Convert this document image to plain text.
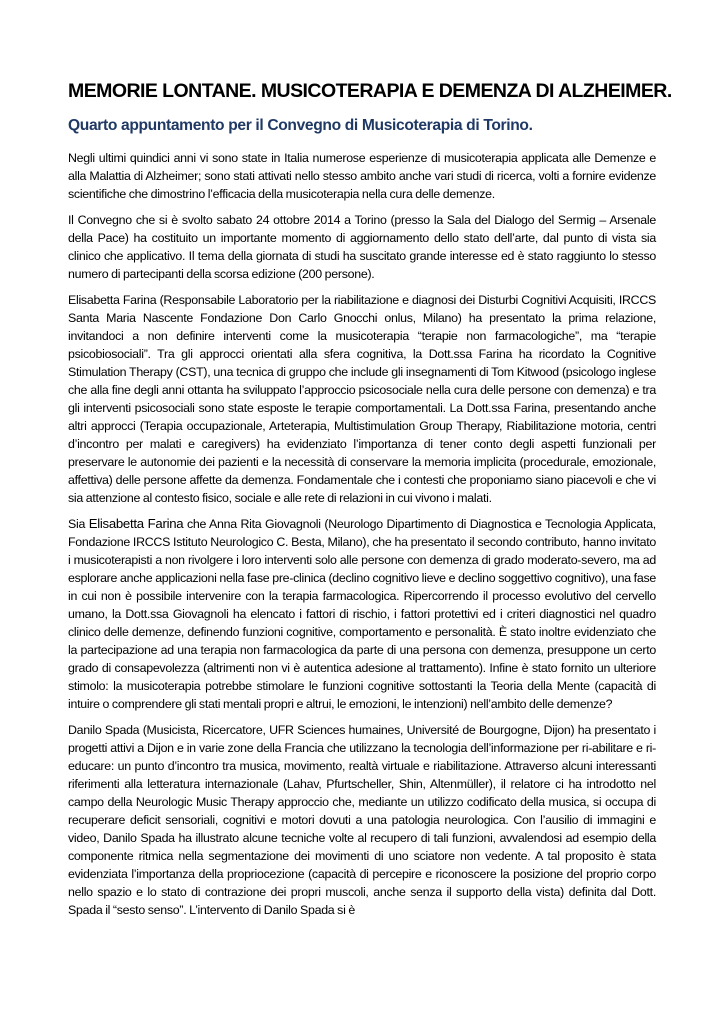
MEMORIE LONTANE. MUSICOTERAPIA E DEMENZA DI ALZHEIMER.
Quarto appuntamento per il Convegno di Musicoterapia di Torino.

Negli ultimi quindici anni vi sono state in Italia numerose esperienze di musicoterapia applicata alle Demenze e alla Malattia di Alzheimer; sono stati attivati nello stesso ambito anche vari studi di ricerca, volti a fornire evidenze scientifiche che dimostrino l’efficacia della musicoterapia nella cura delle demenze.

Il Convegno che si è svolto sabato 24 ottobre 2014 a Torino (presso la Sala del Dialogo del Sermig – Arsenale della Pace) ha costituito un importante momento di aggiornamento dello stato dell’arte, dal punto di vista sia clinico che applicativo. Il tema della giornata di studi ha suscitato grande interesse ed è stato raggiunto lo stesso numero di partecipanti della scorsa edizione (200 persone).

Elisabetta Farina (Responsabile Laboratorio per la riabilitazione e diagnosi dei Disturbi Cognitivi Acquisiti, IRCCS Santa Maria Nascente Fondazione Don Carlo Gnocchi onlus, Milano) ha presentato la prima relazione, invitandoci a non definire interventi come la musicoterapia “terapie non farmacologiche”, ma “terapie psicobiosociali”. Tra gli approcci orientati alla sfera cognitiva, la Dott.ssa Farina ha ricordato la Cognitive Stimulation Therapy (CST), una tecnica di gruppo che include gli insegnamenti di Tom Kitwood (psicologo inglese che alla fine degli anni ottanta ha sviluppato l’approccio psicosociale nella cura delle persone con demenza) e tra gli interventi psicosociali sono state esposte le terapie comportamentali. La Dott.ssa Farina, presentando anche altri approcci (Terapia occupazionale, Arteterapia, Multistimulation Group Therapy, Riabilitazione motoria, centri d’incontro per malati e caregivers) ha evidenziato l’importanza di tener conto degli aspetti funzionali per preservare le autonomie dei pazienti e la necessità di conservare la memoria implicita (procedurale, emozionale, affettiva) delle persone affette da demenza. Fondamentale che i contesti che proponiamo siano piacevoli e che vi sia attenzione al contesto fisico, sociale e alle rete di relazioni in cui vivono i malati.

Sia Elisabetta Farina che Anna Rita Giovagnoli (Neurologo Dipartimento di Diagnostica e Tecnologia Applicata, Fondazione IRCCS Istituto Neurologico C. Besta, Milano), che ha presentato il secondo contributo, hanno invitato i musicoterapisti a non rivolgere i loro interventi solo alle persone con demenza di grado moderato-severo, ma ad esplorare anche applicazioni nella fase pre-clinica (declino cognitivo lieve e declino soggettivo cognitivo), una fase in cui non è possibile intervenire con la terapia farmacologica. Ripercorrendo il processo evolutivo del cervello umano, la Dott.ssa Giovagnoli ha elencato i fattori di rischio, i fattori protettivi ed i criteri diagnostici nel quadro clinico delle demenze, definendo funzioni cognitive, comportamento e personalità. È stato inoltre evidenziato che la partecipazione ad una terapia non farmacologica da parte di una persona con demenza, presuppone un certo grado di consapevolezza (altrimenti non vi è autentica adesione al trattamento). Infine è stato fornito un ulteriore stimolo: la musicoterapia potrebbe stimolare le funzioni cognitive sottostanti la Teoria della Mente (capacità di intuire o comprendere gli stati mentali propri e altrui, le emozioni, le intenzioni) nell’ambito delle demenze?

Danilo Spada (Musicista, Ricercatore, UFR Sciences humaines, Université de Bourgogne, Dijon) ha presentato i progetti attivi a Dijon e in varie zone della Francia che utilizzano la tecnologia dell’informazione per ri-abilitare e ri-educare: un punto d’incontro tra musica, movimento, realtà virtuale e riabilitazione. Attraverso alcuni interessanti riferimenti alla letteratura internazionale (Lahav, Pfurtscheller, Shin, Altenmüller), il relatore ci ha introdotto nel campo della Neurologic Music Therapy approccio che, mediante un utilizzo codificato della musica, si occupa di recuperare deficit sensoriali, cognitivi e motori dovuti a una patologia neurologica. Con l’ausilio di immagini e video, Danilo Spada ha illustrato alcune tecniche volte al recupero di tali funzioni, avvalendosi ad esempio della componente ritmica nella segmentazione dei movimenti di uno sciatore non vedente. A tal proposito è stata evidenziata l’importanza della propriocezione (capacità di percepire e riconoscere la posizione del proprio corpo nello spazio e lo stato di contrazione dei propri muscoli, anche senza il supporto della vista) definita dal Dott. Spada il “sesto senso”. L’intervento di Danilo Spada si è
